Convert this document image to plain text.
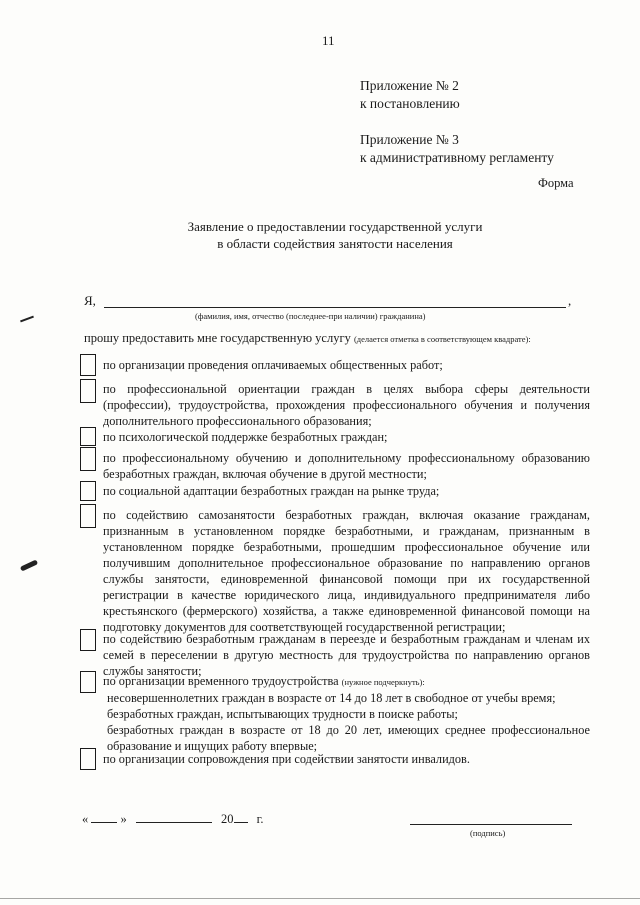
11
Приложение № 2
к постановлению
Приложение № 3
к административному регламенту
Форма
Заявление о предоставлении государственной услуги
в области содействия занятости населения
Я,	,
(фамилия, имя, отчество (последнее-при наличии) гражданина)
прошу предоставить мне государственную услугу (делается отметка в соответствующем квадрате):
по организации проведения оплачиваемых общественных работ;
по профессиональной ориентации граждан в целях выбора сферы деятельности (профессии), трудоустройства, прохождения профессионального обучения и получения дополнительного профессионального образования;
по психологической поддержке безработных граждан;
по профессиональному обучению и дополнительному профессиональному образованию безработных граждан, включая обучение в другой местности;
по социальной адаптации безработных граждан на рынке труда;
по содействию самозанятости безработных граждан, включая оказание гражданам, признанным в установленном порядке безработными, и гражданам, признанным в установленном порядке безработными, прошедшим профессиональное обучение или получившим дополнительное профессиональное образование по направлению органов службы занятости, единовременной финансовой помощи при их государственной регистрации в качестве юридического лица, индивидуального предпринимателя либо крестьянского (фермерского) хозяйства, а также единовременной финансовой помощи на подготовку документов для соответствующей государственной регистрации;
по содействию безработным гражданам в переезде и безработным гражданам и членам их семей в переселении в другую местность для трудоустройства по направлению органов службы занятости;
по организации временного трудоустройства (нужное подчеркнуть):
несовершеннолетних граждан в возрасте от 14 до 18 лет в свободное от учебы время;
безработных граждан, испытывающих трудности в поиске работы;
безработных граждан в возрасте от 18 до 20 лет, имеющих среднее профессиональное образование и ищущих работу впервые;
по организации сопровождения при содействии занятости инвалидов.
«	»	20 г.
(подпись)
